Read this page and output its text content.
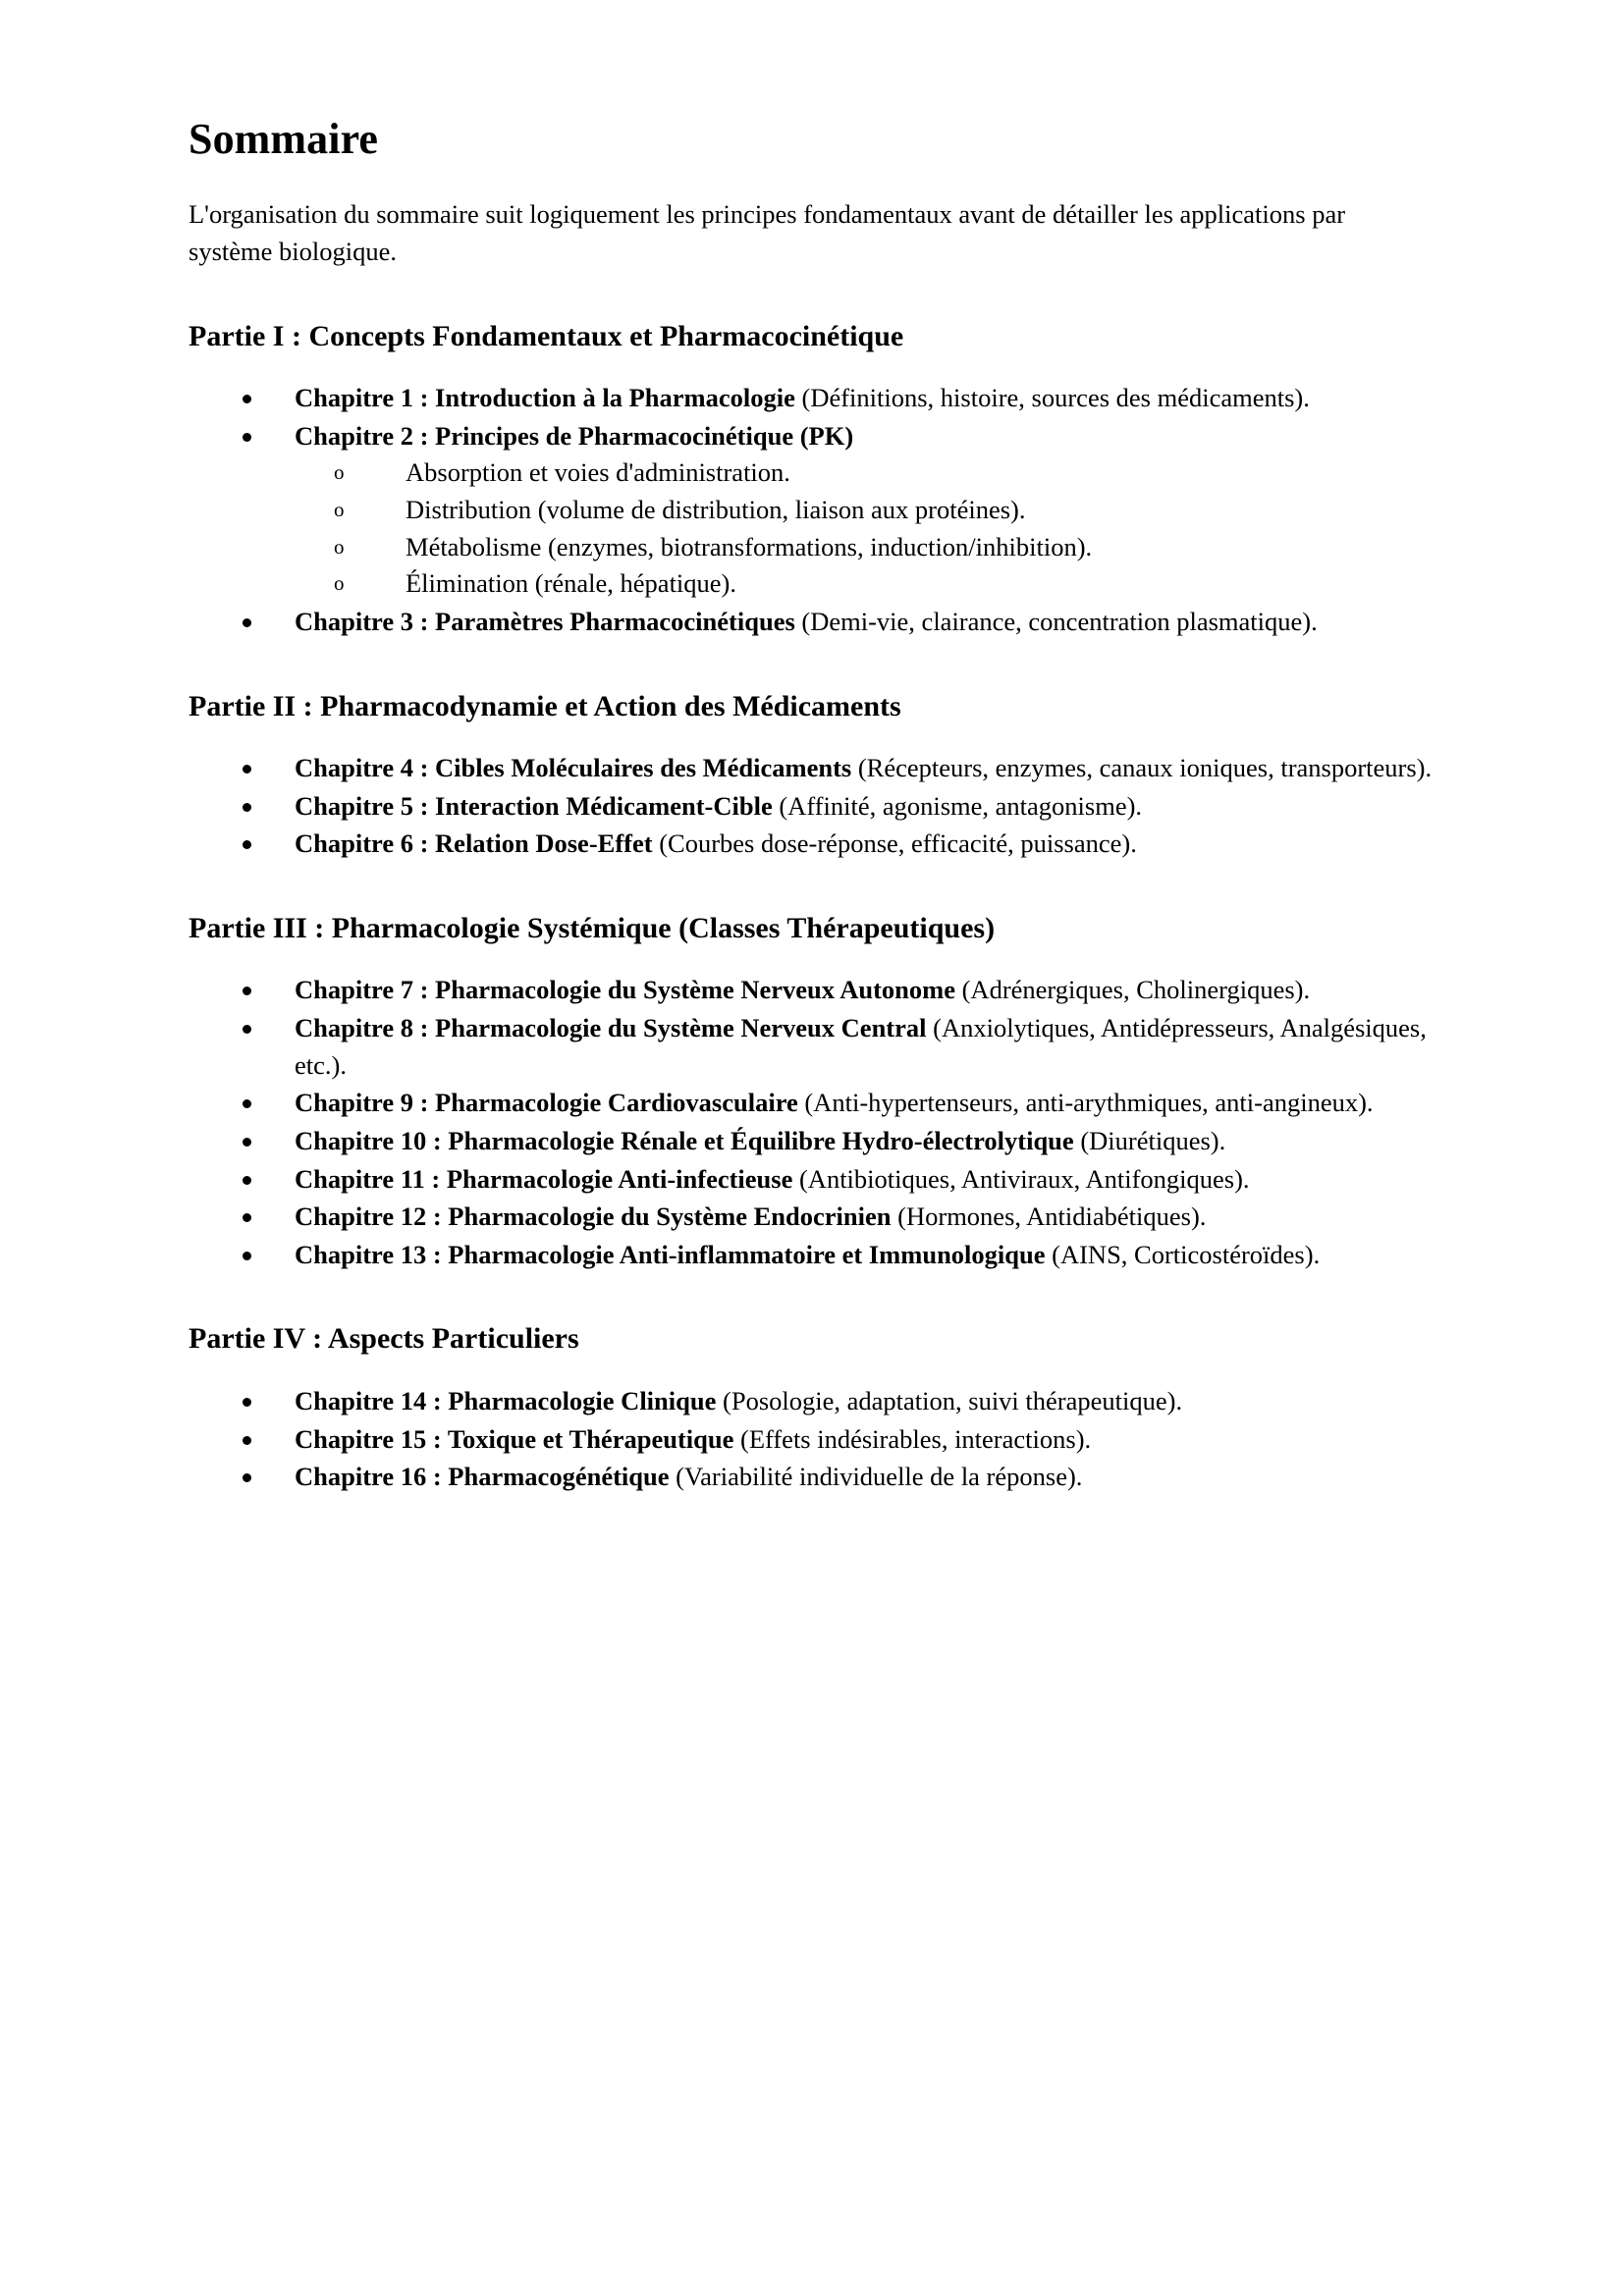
Sommaire

L'organisation du sommaire suit logiquement les principes fondamentaux avant de détailler les applications par système biologique.

Partie I : Concepts Fondamentaux et Pharmacocinétique
Chapitre 1 : Introduction à la Pharmacologie (Définitions, histoire, sources des médicaments).
Chapitre 2 : Principes de Pharmacocinétique (PK)
o Absorption et voies d'administration.
o Distribution (volume de distribution, liaison aux protéines).
o Métabolisme (enzymes, biotransformations, induction/inhibition).
o Élimination (rénale, hépatique).
Chapitre 3 : Paramètres Pharmacocinétiques (Demi-vie, clairance, concentration plasmatique).
Partie II : Pharmacodynamie et Action des Médicaments
Chapitre 4 : Cibles Moléculaires des Médicaments (Récepteurs, enzymes, canaux ioniques, transporteurs).
Chapitre 5 : Interaction Médicament-Cible (Affinité, agonisme, antagonisme).
Chapitre 6 : Relation Dose-Effet (Courbes dose-réponse, efficacité, puissance).
Partie III : Pharmacologie Systémique (Classes Thérapeutiques)
Chapitre 7 : Pharmacologie du Système Nerveux Autonome (Adrénergiques, Cholinergiques).
Chapitre 8 : Pharmacologie du Système Nerveux Central (Anxiolytiques, Antidépresseurs, Analgésiques, etc.).
Chapitre 9 : Pharmacologie Cardiovasculaire (Anti-hypertenseurs, anti-arythmiques, anti-angineux).
Chapitre 10 : Pharmacologie Rénale et Équilibre Hydro-électrolytique (Diurétiques).
Chapitre 11 : Pharmacologie Anti-infectieuse (Antibiotiques, Antiviraux, Antifongiques).
Chapitre 12 : Pharmacologie du Système Endocrinien (Hormones, Antidiabétiques).
Chapitre 13 : Pharmacologie Anti-inflammatoire et Immunologique (AINS, Corticostéroïdes).
Partie IV : Aspects Particuliers
Chapitre 14 : Pharmacologie Clinique (Posologie, adaptation, suivi thérapeutique).
Chapitre 15 : Toxique et Thérapeutique (Effets indésirables, interactions).
Chapitre 16 : Pharmacogénétique (Variabilité individuelle de la réponse).
